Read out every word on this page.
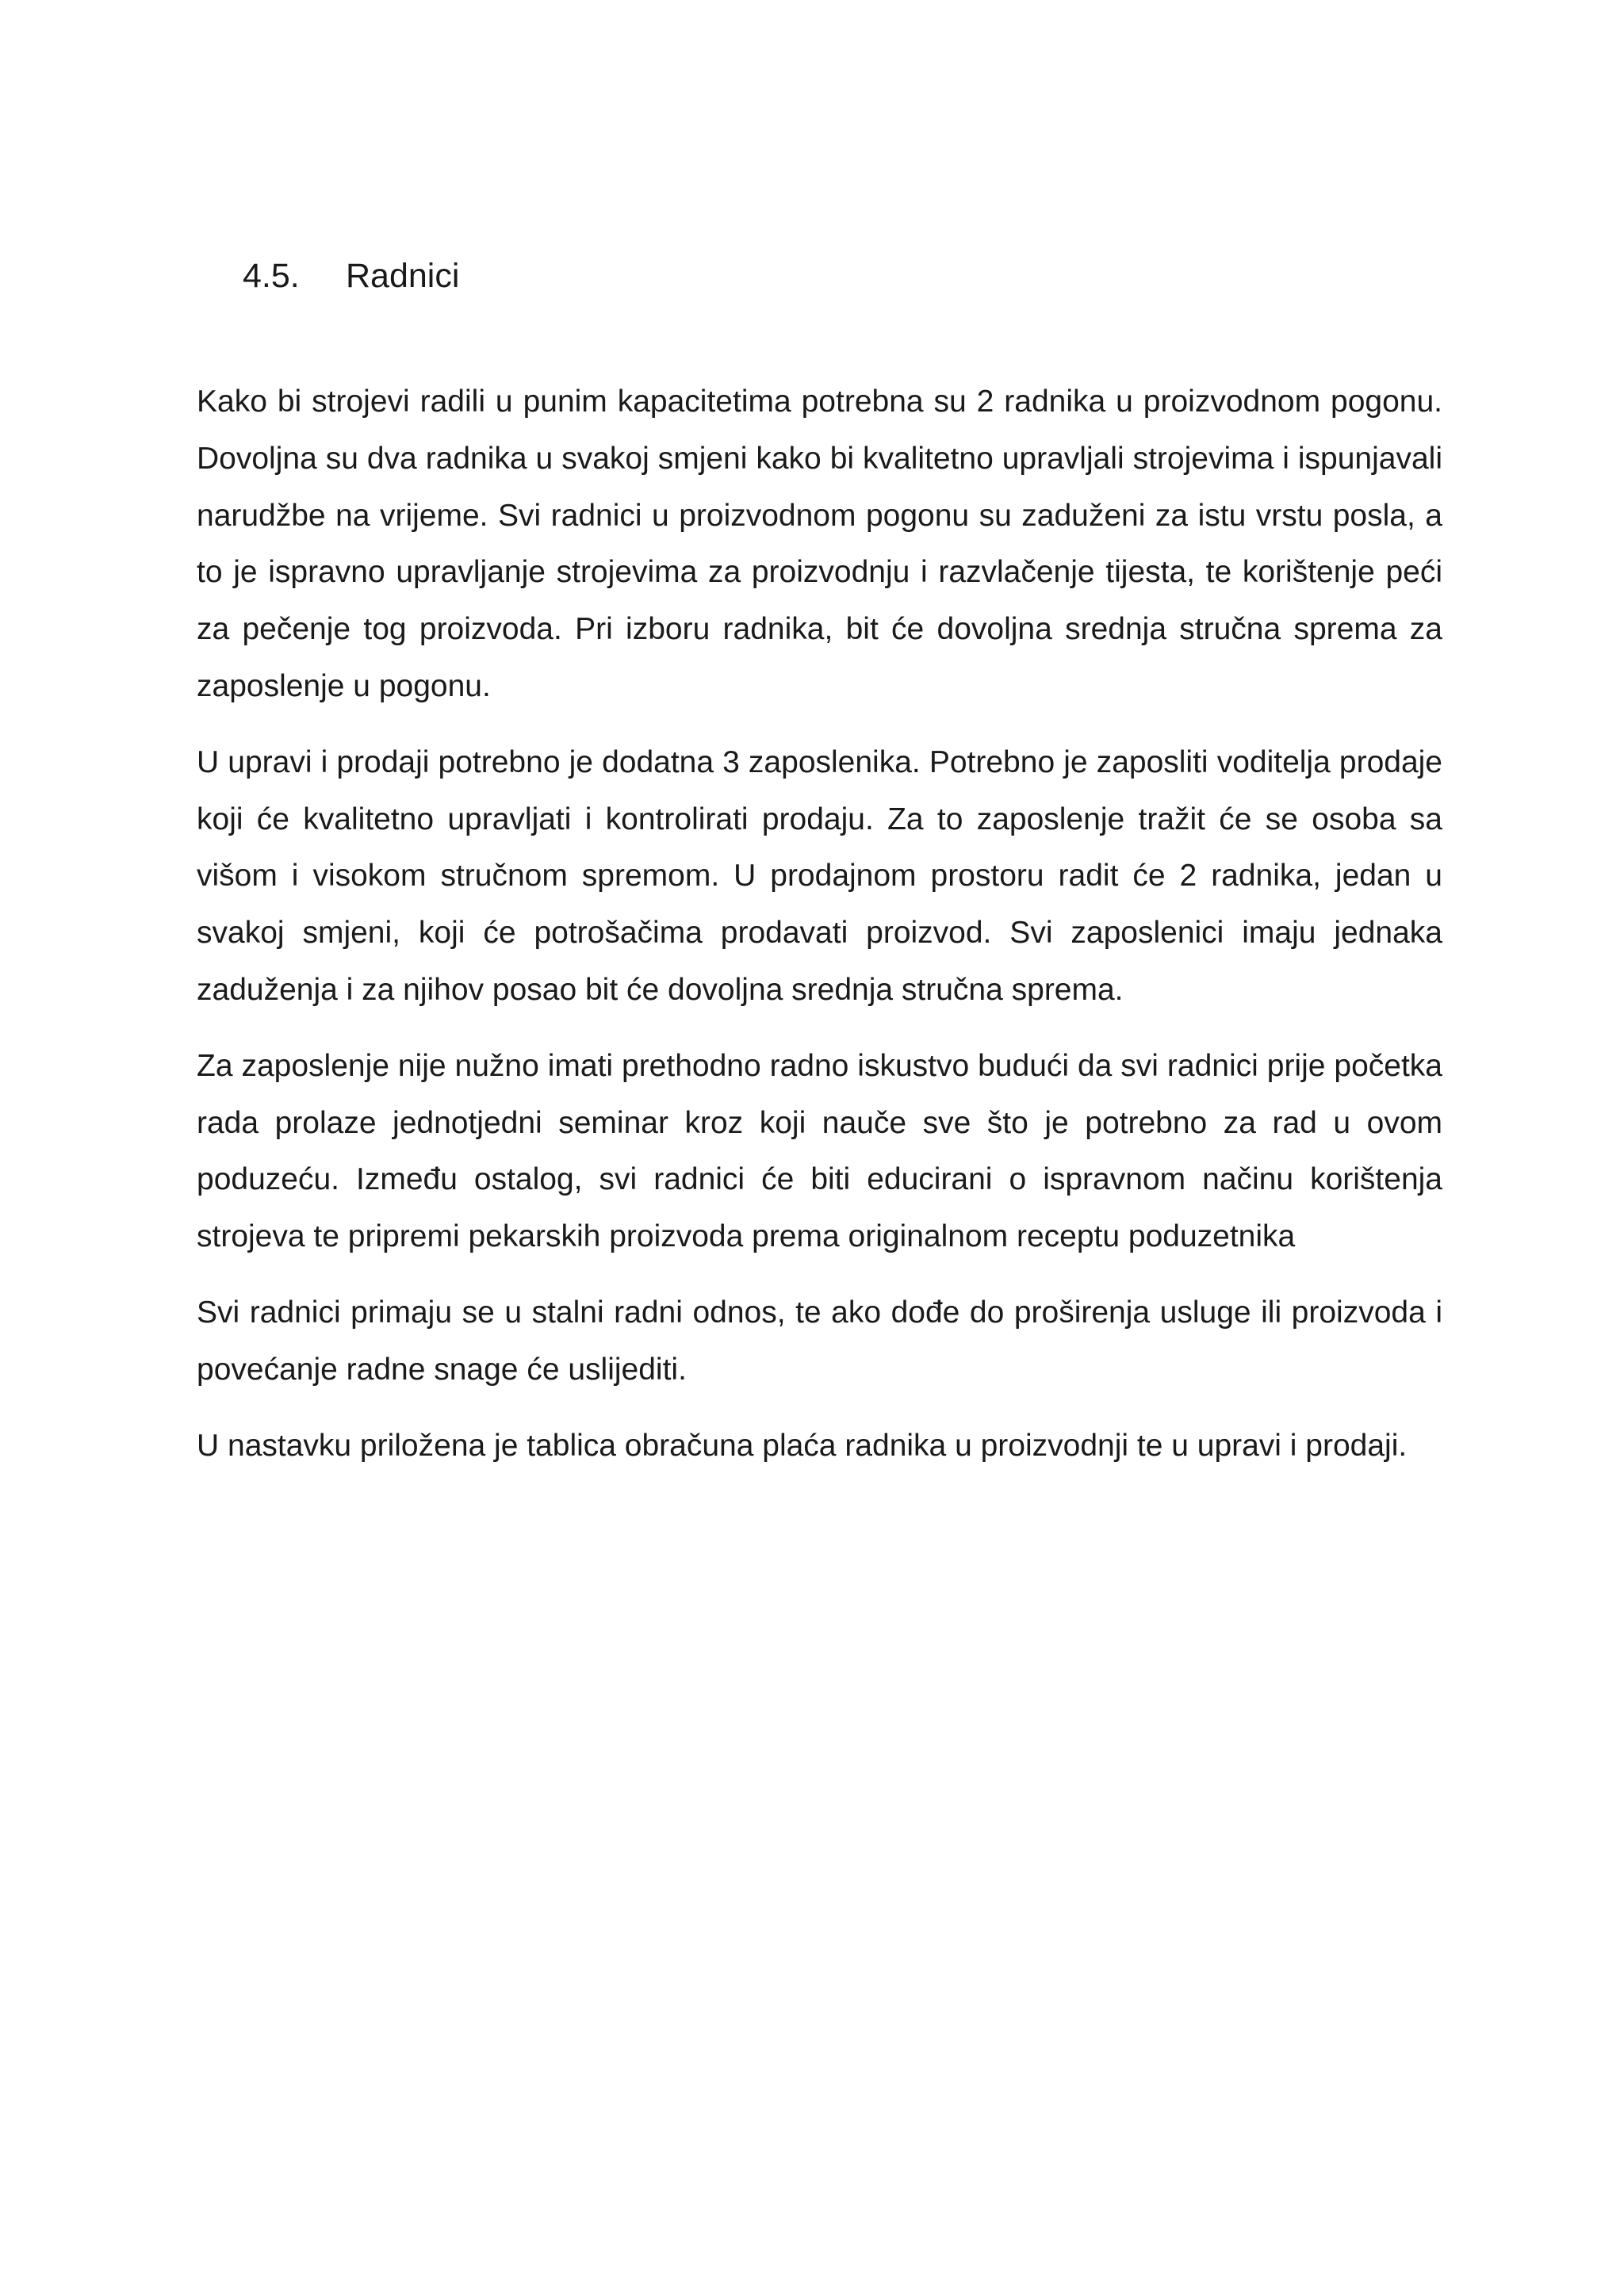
4.5. Radnici

Kako bi strojevi radili u punim kapacitetima potrebna su 2 radnika u proizvodnom pogonu. Dovoljna su dva radnika u svakoj smjeni kako bi kvalitetno upravljali strojevima i ispunjavali narudžbe na vrijeme. Svi radnici u proizvodnom pogonu su zaduženi za istu vrstu posla, a to je ispravno upravljanje strojevima za proizvodnju i razvlačenje tijesta, te korištenje peći za pečenje tog proizvoda. Pri izboru radnika, bit će dovoljna srednja stručna sprema za zaposlenje u pogonu.

U upravi i prodaji potrebno je dodatna 3 zaposlenika. Potrebno je zaposliti voditelja prodaje koji će kvalitetno upravljati i kontrolirati prodaju. Za to zaposlenje tražit će se osoba sa višom i visokom stručnom spremom. U prodajnom prostoru radit će 2 radnika, jedan u svakoj smjeni, koji će potrošačima prodavati proizvod. Svi zaposlenici imaju jednaka zaduženja i za njihov posao bit će dovoljna srednja stručna sprema.

Za zaposlenje nije nužno imati prethodno radno iskustvo budući da svi radnici prije početka rada prolaze jednotjedni seminar kroz koji nauče sve što je potrebno za rad u ovom poduzeću. Između ostalog, svi radnici će biti educirani o ispravnom načinu korištenja strojeva te pripremi pekarskih proizvoda prema originalnom receptu poduzetnika

Svi radnici primaju se u stalni radni odnos, te ako dođe do proširenja usluge ili proizvoda i povećanje radne snage će uslijediti.

U nastavku priložena je tablica obračuna plaća radnika u proizvodnji te u upravi i prodaji.
